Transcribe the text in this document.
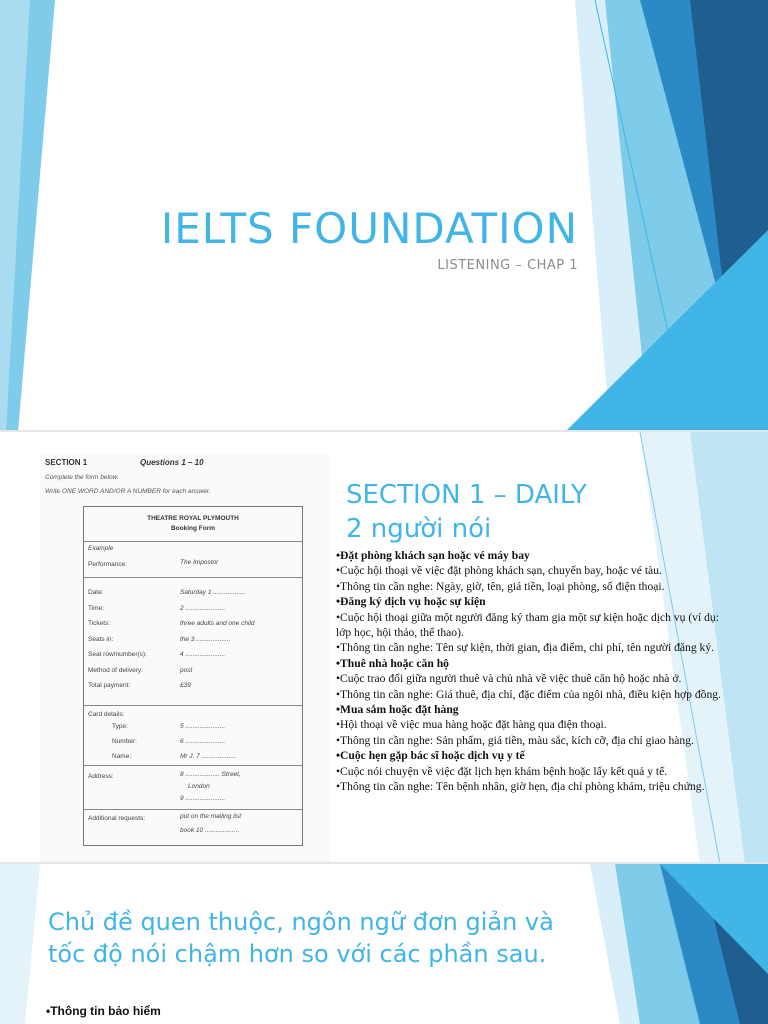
IELTS FOUNDATION
LISTENING – CHAP 1
SECTION 1	Questions 1 – 10
Complete the form below.
Write ONE WORD AND/OR A NUMBER for each answer.
THEATRE ROYAL PLYMOUTH
Booking Form
Example
Performance:	The Impostor
Date:	Saturday 1 ..................
Time:	2 ......................
Tickets:	three adults and one child
Seats in:	the 3 ...................
Seat row/number(s):	4 ......................
Method of delivery:	post
Total payment:	£39
Card details:
Type:	5 ......................
Number:	6 ......................
Name:	Mr J. 7 ...................
Address:	8 ................... Street,
London
9 ......................
Additional requests:	put on the mailing list
book 10 ...................
SECTION 1 – DAILY
2 người nói

•Đặt phòng khách sạn hoặc vé máy bay

•Cuộc hội thoại về việc đặt phòng khách sạn, chuyến bay, hoặc vé tàu.

•Thông tin cần nghe: Ngày, giờ, tên, giá tiền, loại phòng, số điện thoại.

•Đăng ký dịch vụ hoặc sự kiện

•Cuộc hội thoại giữa một người đăng ký tham gia một sự kiện hoặc dịch vụ (ví dụ: lớp học, hội thảo, thể thao).

•Thông tin cần nghe: Tên sự kiện, thời gian, địa điểm, chi phí, tên người đăng ký.

•Thuê nhà hoặc căn hộ

•Cuộc trao đổi giữa người thuê và chủ nhà về việc thuê căn hộ hoặc nhà ở.

•Thông tin cần nghe: Giá thuê, địa chỉ, đặc điểm của ngôi nhà, điều kiện hợp đồng.

•Mua sắm hoặc đặt hàng

•Hội thoại về việc mua hàng hoặc đặt hàng qua điện thoại.

•Thông tin cần nghe: Sản phẩm, giá tiền, màu sắc, kích cỡ, địa chỉ giao hàng.

•Cuộc hẹn gặp bác sĩ hoặc dịch vụ y tế

•Cuộc nói chuyện về việc đặt lịch hẹn khám bệnh hoặc lấy kết quả y tế.

•Thông tin cần nghe: Tên bệnh nhân, giờ hẹn, địa chỉ phòng khám, triệu chứng.

Chủ đề quen thuộc, ngôn ngữ đơn giản và
tốc độ nói chậm hơn so với các phần sau.
•Thông tin bảo hiểm
